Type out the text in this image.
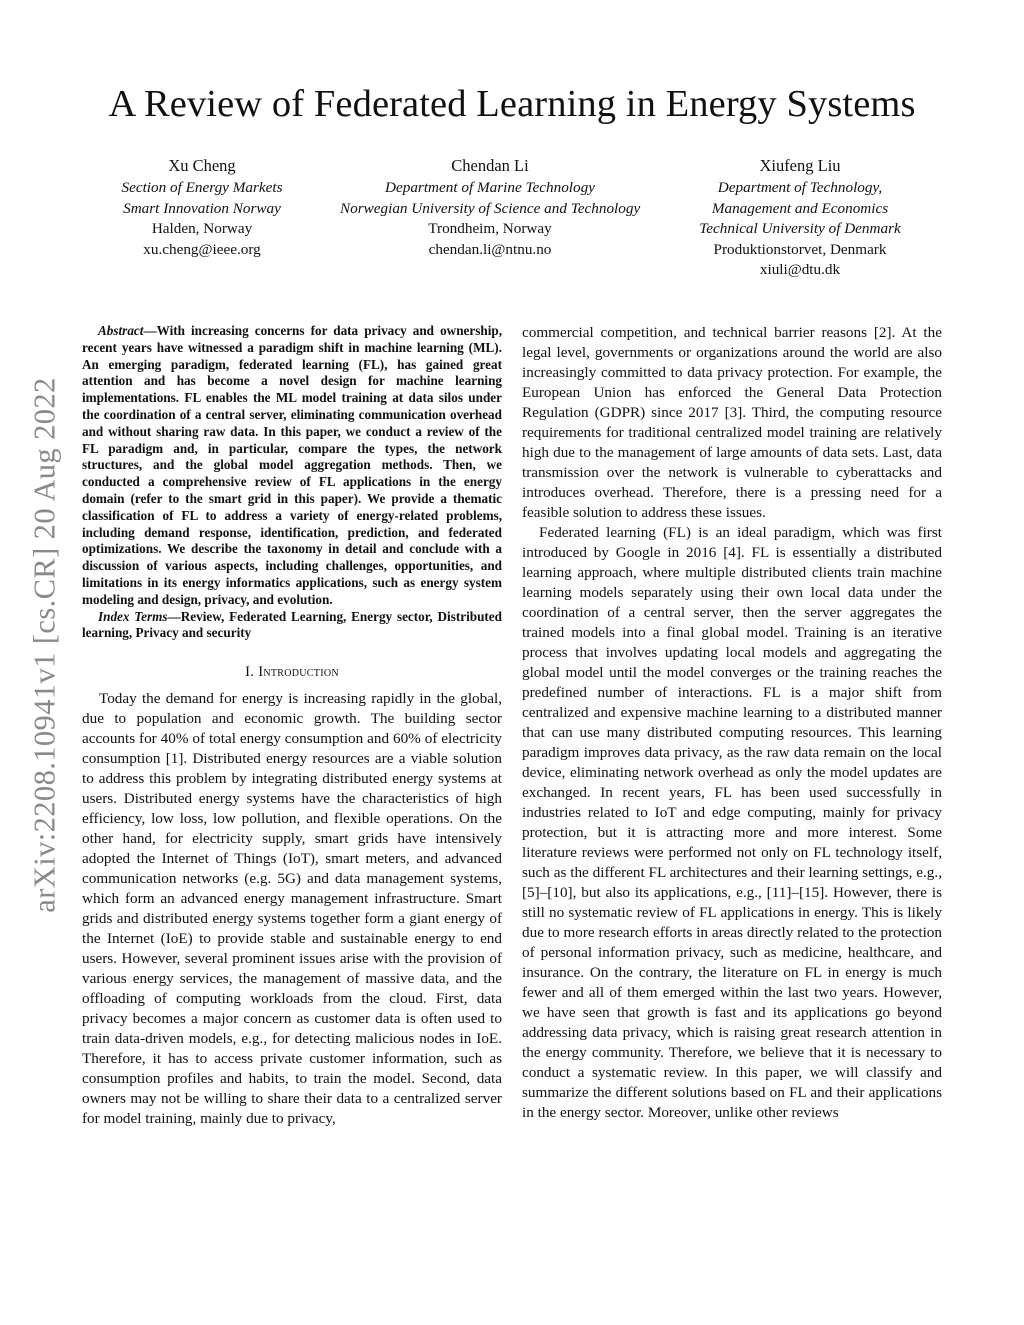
A Review of Federated Learning in Energy Systems
Xu Cheng
Section of Energy Markets
Smart Innovation Norway
Halden, Norway
xu.cheng@ieee.org
Chendan Li
Department of Marine Technology
Norwegian University of Science and Technology
Trondheim, Norway
chendan.li@ntnu.no
Xiufeng Liu
Department of Technology,
Management and Economics
Technical University of Denmark
Produktionstorvet, Denmark
xiuli@dtu.dk
arXiv:2208.10941v1 [cs.CR] 20 Aug 2022

Abstract—With increasing concerns for data privacy and ownership, recent years have witnessed a paradigm shift in machine learning (ML). An emerging paradigm, federated learning (FL), has gained great attention and has become a novel design for machine learning implementations. FL enables the ML model training at data silos under the coordination of a central server, eliminating communication overhead and without sharing raw data. In this paper, we conduct a review of the FL paradigm and, in particular, compare the types, the network structures, and the global model aggregation methods. Then, we conducted a comprehensive review of FL applications in the energy domain (refer to the smart grid in this paper). We provide a thematic classification of FL to address a variety of energy-related problems, including demand response, identification, prediction, and federated optimizations. We describe the taxonomy in detail and conclude with a discussion of various aspects, including challenges, opportunities, and limitations in its energy informatics applications, such as energy system modeling and design, privacy, and evolution.

Index Terms—Review, Federated Learning, Energy sector, Distributed learning, Privacy and security

I. Introduction

Today the demand for energy is increasing rapidly in the global, due to population and economic growth. The building sector accounts for 40% of total energy consumption and 60% of electricity consumption [1]. Distributed energy resources are a viable solution to address this problem by integrating distributed energy systems at users. Distributed energy systems have the characteristics of high efficiency, low loss, low pollution, and flexible operations. On the other hand, for electricity supply, smart grids have intensively adopted the Internet of Things (IoT), smart meters, and advanced communication networks (e.g. 5G) and data management systems, which form an advanced energy management infrastructure. Smart grids and distributed energy systems together form a giant energy of the Internet (IoE) to provide stable and sustainable energy to end users. However, several prominent issues arise with the provision of various energy services, the management of massive data, and the offloading of computing workloads from the cloud. First, data privacy becomes a major concern as customer data is often used to train data-driven models, e.g., for detecting malicious nodes in IoE. Therefore, it has to access private customer information, such as consumption profiles and habits, to train the model. Second, data owners may not be willing to share their data to a centralized server for model training, mainly due to privacy,

commercial competition, and technical barrier reasons [2]. At the legal level, governments or organizations around the world are also increasingly committed to data privacy protection. For example, the European Union has enforced the General Data Protection Regulation (GDPR) since 2017 [3]. Third, the computing resource requirements for traditional centralized model training are relatively high due to the management of large amounts of data sets. Last, data transmission over the network is vulnerable to cyberattacks and introduces overhead. Therefore, there is a pressing need for a feasible solution to address these issues.

Federated learning (FL) is an ideal paradigm, which was first introduced by Google in 2016 [4]. FL is essentially a distributed learning approach, where multiple distributed clients train machine learning models separately using their own local data under the coordination of a central server, then the server aggregates the trained models into a final global model. Training is an iterative process that involves updating local models and aggregating the global model until the model converges or the training reaches the predefined number of interactions. FL is a major shift from centralized and expensive machine learning to a distributed manner that can use many distributed computing resources. This learning paradigm improves data privacy, as the raw data remain on the local device, eliminating network overhead as only the model updates are exchanged. In recent years, FL has been used successfully in industries related to IoT and edge computing, mainly for privacy protection, but it is attracting more and more interest. Some literature reviews were performed not only on FL technology itself, such as the different FL architectures and their learning settings, e.g., [5]–[10], but also its applications, e.g., [11]–[15]. However, there is still no systematic review of FL applications in energy. This is likely due to more research efforts in areas directly related to the protection of personal information privacy, such as medicine, healthcare, and insurance. On the contrary, the literature on FL in energy is much fewer and all of them emerged within the last two years. However, we have seen that growth is fast and its applications go beyond addressing data privacy, which is raising great research attention in the energy community. Therefore, we believe that it is necessary to conduct a systematic review. In this paper, we will classify and summarize the different solutions based on FL and their applications in the energy sector. Moreover, unlike other reviews
